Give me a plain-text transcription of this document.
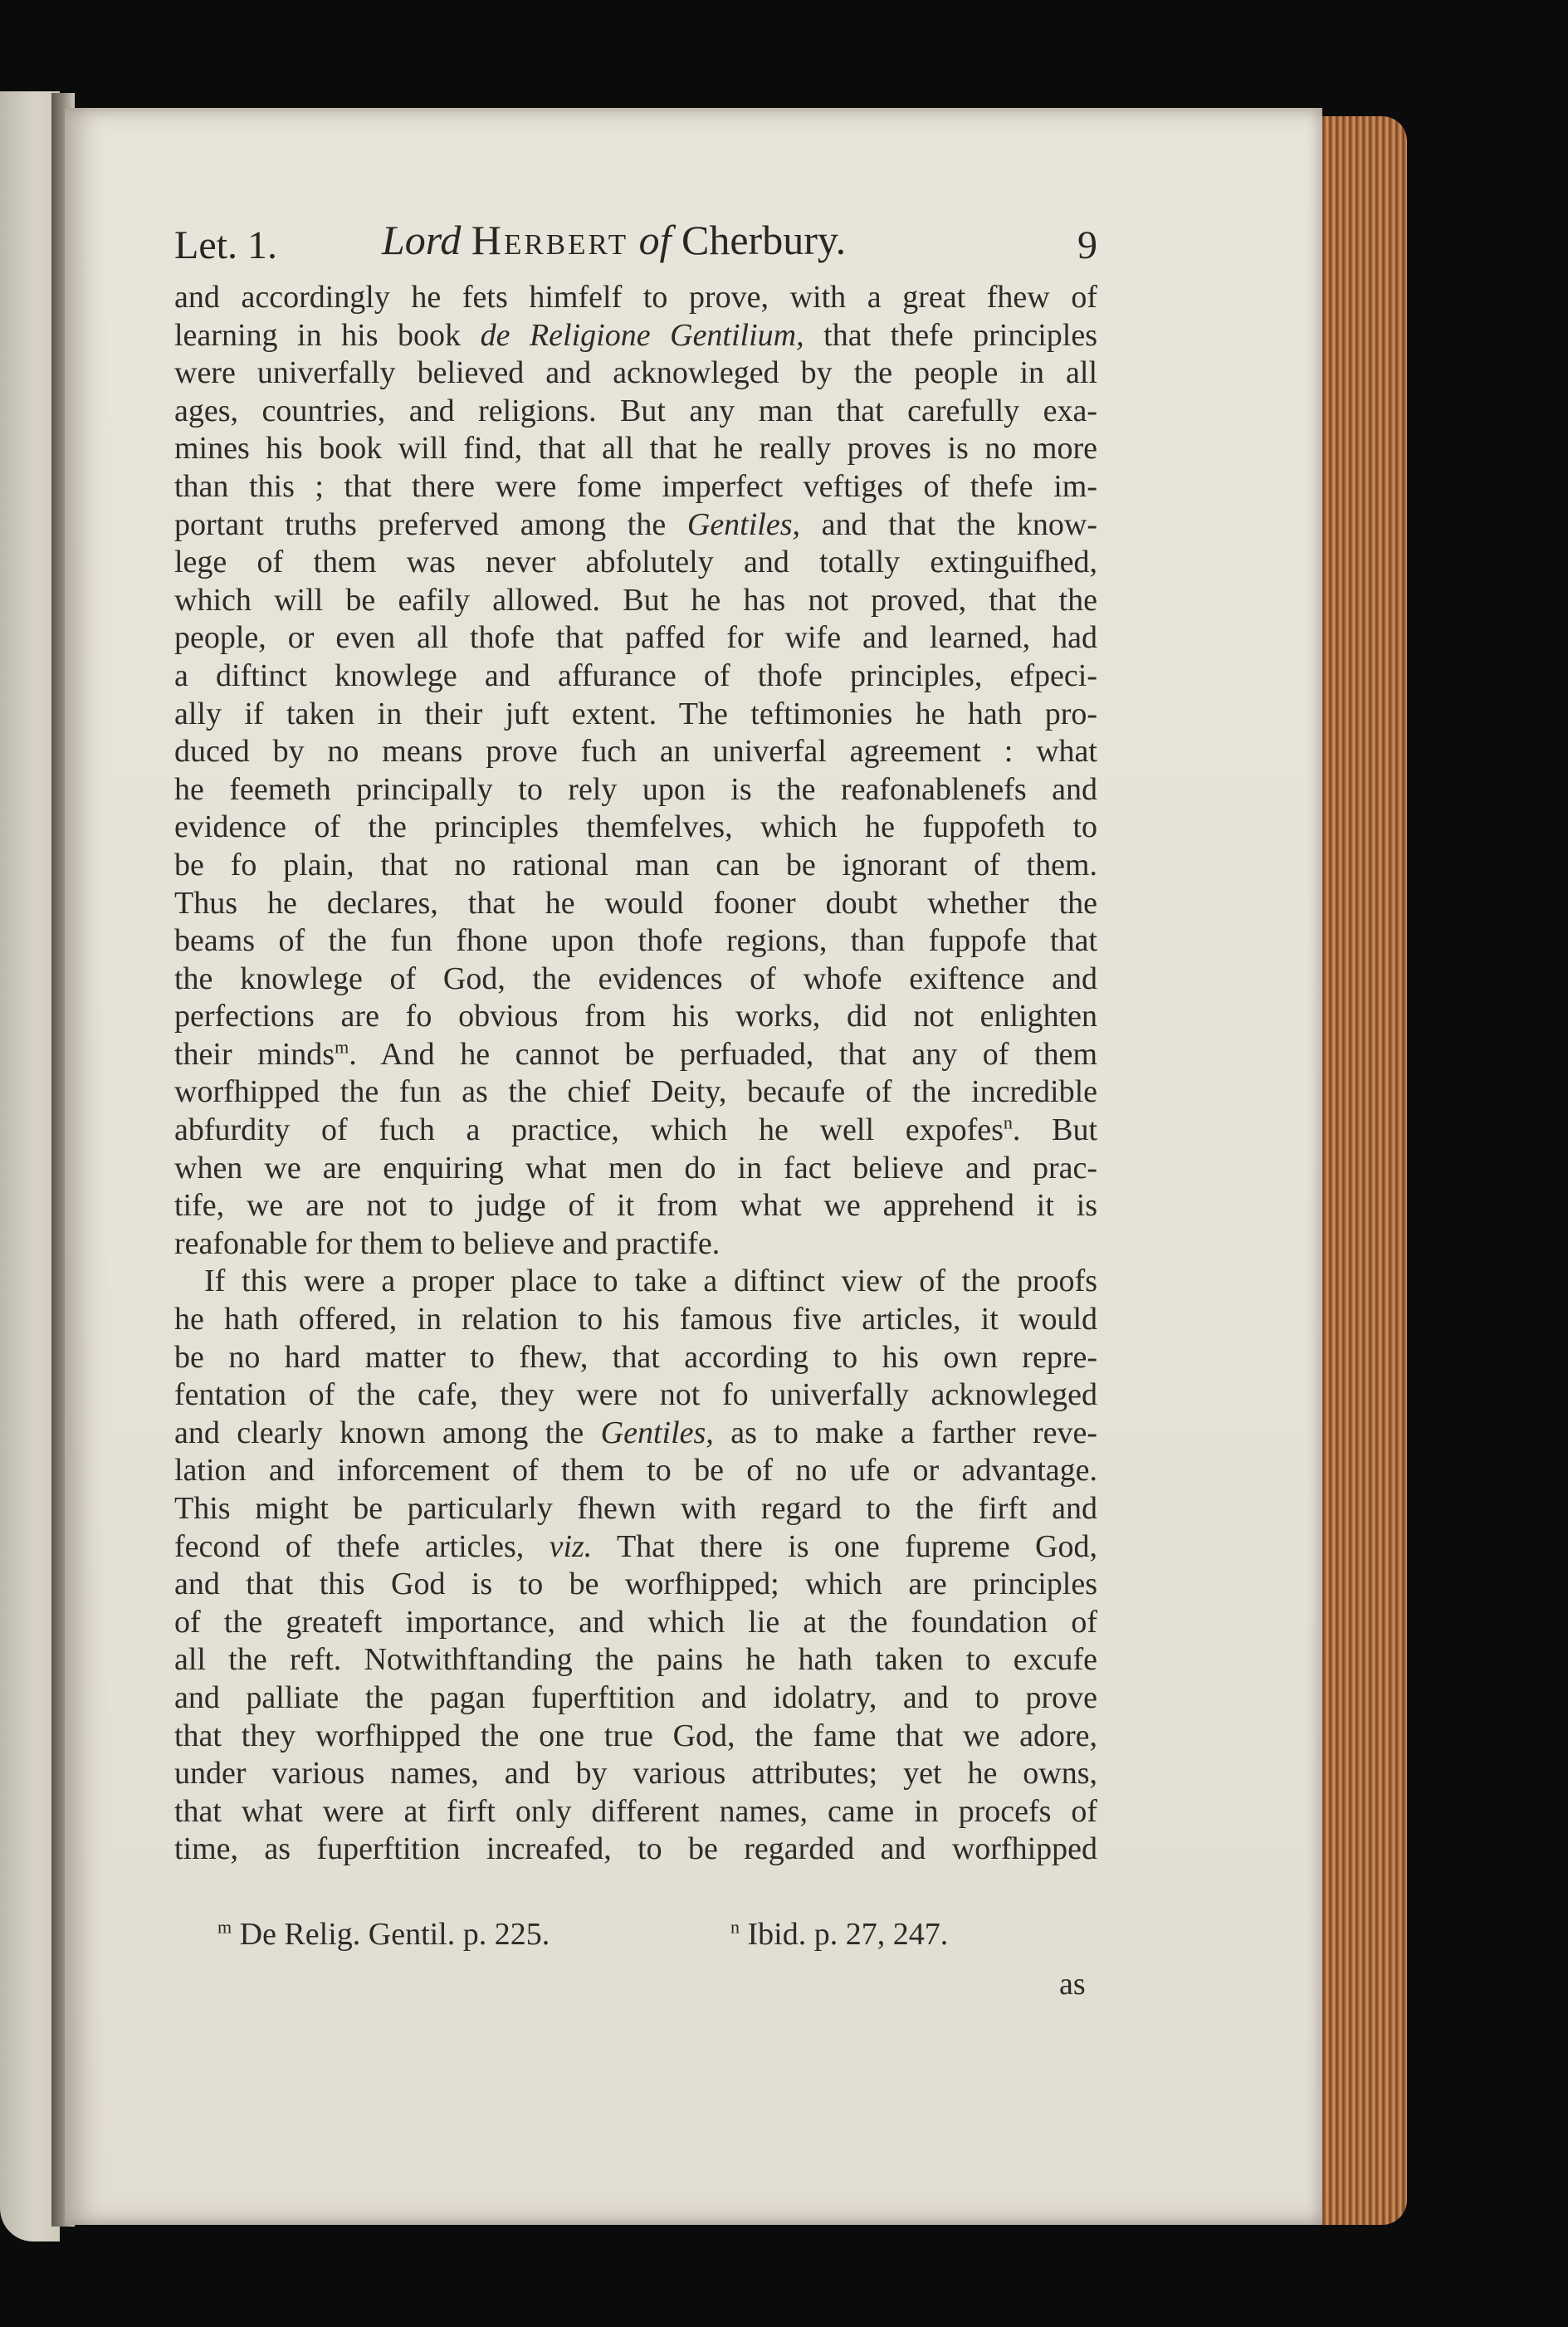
Let. 1.	Lord Herbert of Cherbury.	9
and accordingly he fets himfelf to prove, with a great fhew of
learning in his book de Religione Gentilium, that thefe principles
were univerfally believed and acknowleged by the people in all
ages, countries, and religions. But any man that carefully exa-
mines his book will find, that all that he really proves is no more
than this ; that there were fome imperfect veftiges of thefe im-
portant truths preferved among the Gentiles, and that the know-
lege of them was never abfolutely and totally extinguifhed,
which will be eafily allowed. But he has not proved, that the
people, or even all thofe that paffed for wife and learned, had
a diftinct knowlege and affurance of thofe principles, efpeci-
ally if taken in their juft extent. The teftimonies he hath pro-
duced by no means prove fuch an univerfal agreement : what
he feemeth principally to rely upon is the reafonablenefs and
evidence of the principles themfelves, which he fuppofeth to
be fo plain, that no rational man can be ignorant of them.
Thus he declares, that he would fooner doubt whether the
beams of the fun fhone upon thofe regions, than fuppofe that
the knowlege of God, the evidences of whofe exiftence and
perfections are fo obvious from his works, did not enlighten
their minds$^m$. And he cannot be perfuaded, that any of them
worfhipped the fun as the chief Deity, becaufe of the incredible
abfurdity of fuch a practice, which he well expofes$^n$. But
when we are enquiring what men do in fact believe and prac-
tife, we are not to judge of it from what we apprehend it is
reafonable for them to believe and practife.
If this were a proper place to take a diftinct view of the proofs
he hath offered, in relation to his famous five articles, it would
be no hard matter to fhew, that according to his own repre-
fentation of the cafe, they were not fo univerfally acknowleged
and clearly known among the Gentiles, as to make a farther reve-
lation and inforcement of them to be of no ufe or advantage.
This might be particularly fhewn with regard to the firft and
fecond of thefe articles, viz. That there is one fupreme God,
and that this God is to be worfhipped; which are principles
of the greateft importance, and which lie at the foundation of
all the reft. Notwithftanding the pains he hath taken to excufe
and palliate the pagan fuperftition and idolatry, and to prove
that they worfhipped the one true God, the fame that we adore,
under various names, and by various attributes; yet he owns,
that what were at firft only different names, came in procefs of
time, as fuperftition increafed, to be regarded and worfhipped
$^m$ De Relig. Gentil. p. 225.	$^n$ Ibid. p. 27, 247.
as
